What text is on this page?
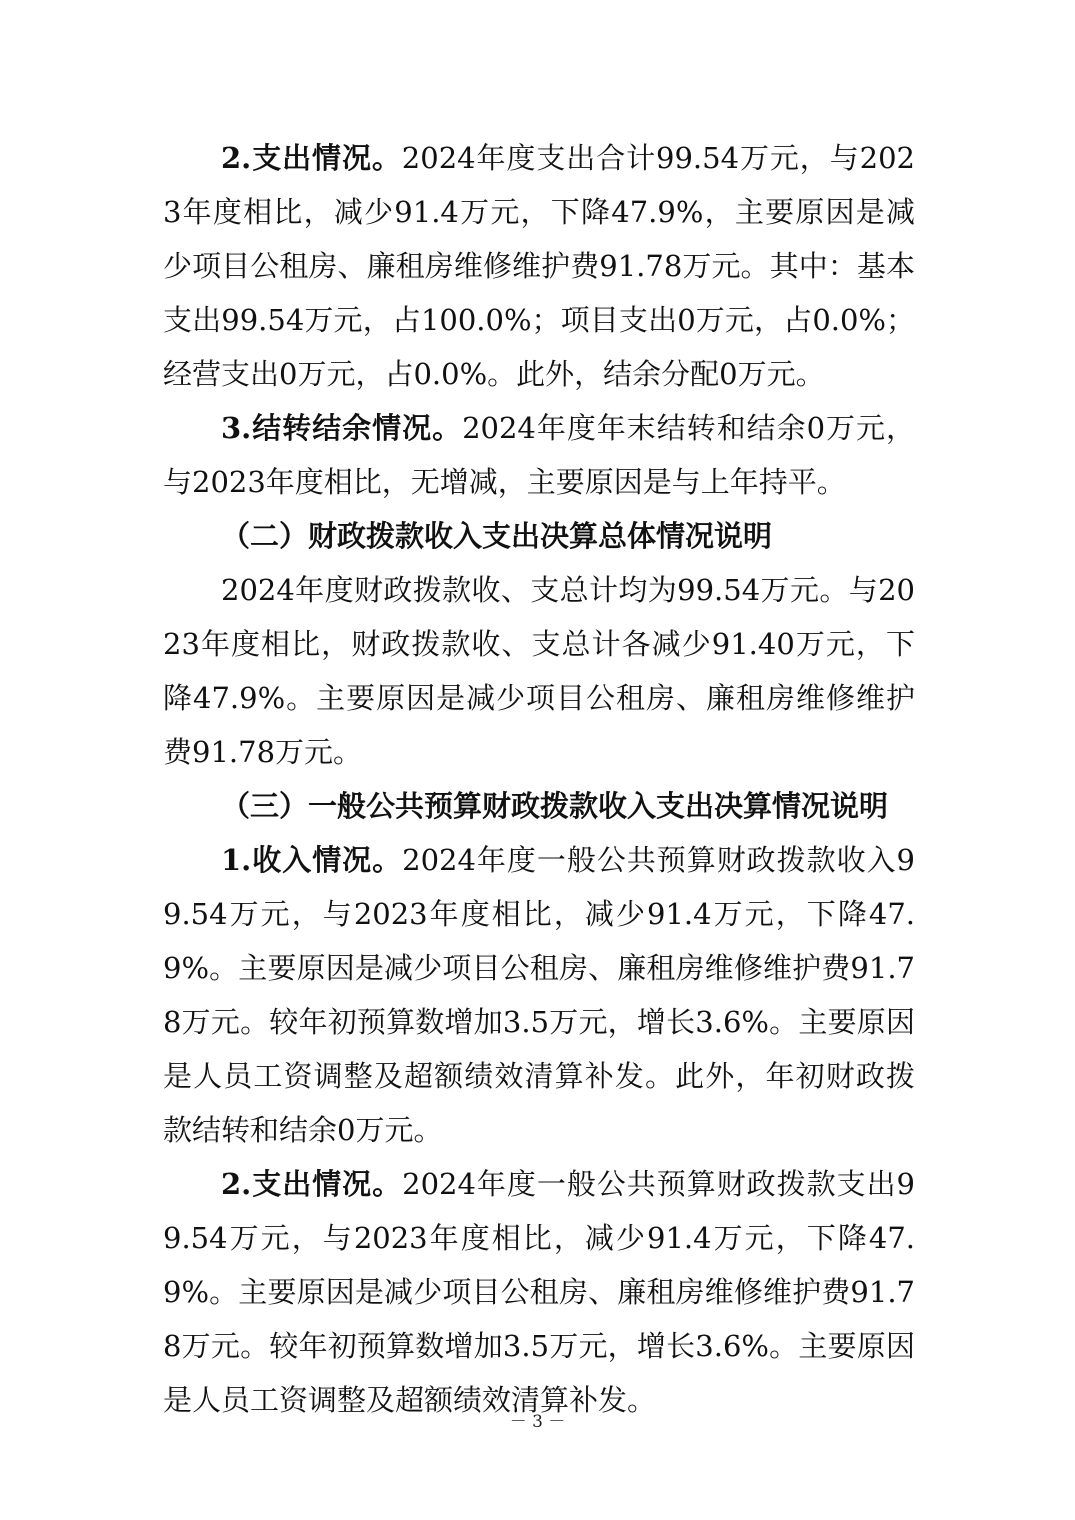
2.支出情况。2024年度支出合计99.54万元，与2023年度相比，减少91.4万元，下降47.9%，主要原因是减少项目公租房、廉租房维修维护费91.78万元。其中：基本支出99.54万元，占100.0%；项目支出0万元，占0.0%；经营支出0万元，占0.0%。此外，结余分配0万元。

3.结转结余情况。2024年度年末结转和结余0万元，与2023年度相比，无增减，主要原因是与上年持平。

（二）财政拨款收入支出决算总体情况说明

2024年度财政拨款收、支总计均为99.54万元。与2023年度相比，财政拨款收、支总计各减少91.40万元，下降47.9%。主要原因是减少项目公租房、廉租房维修维护费91.78万元。

（三）一般公共预算财政拨款收入支出决算情况说明

1.收入情况。2024年度一般公共预算财政拨款收入99.54万元，与2023年度相比，减少91.4万元，下降47.9%。主要原因是减少项目公租房、廉租房维修维护费91.78万元。较年初预算数增加3.5万元，增长3.6%。主要原因是人员工资调整及超额绩效清算补发。此外，年初财政拨款结转和结余0万元。

2.支出情况。2024年度一般公共预算财政拨款支出99.54万元，与2023年度相比，减少91.4万元，下降47.9%。主要原因是减少项目公租房、廉租房维修维护费91.78万元。较年初预算数增加3.5万元，增长3.6%。主要原因是人员工资调整及超额绩效清算补发。

－ 3 －
